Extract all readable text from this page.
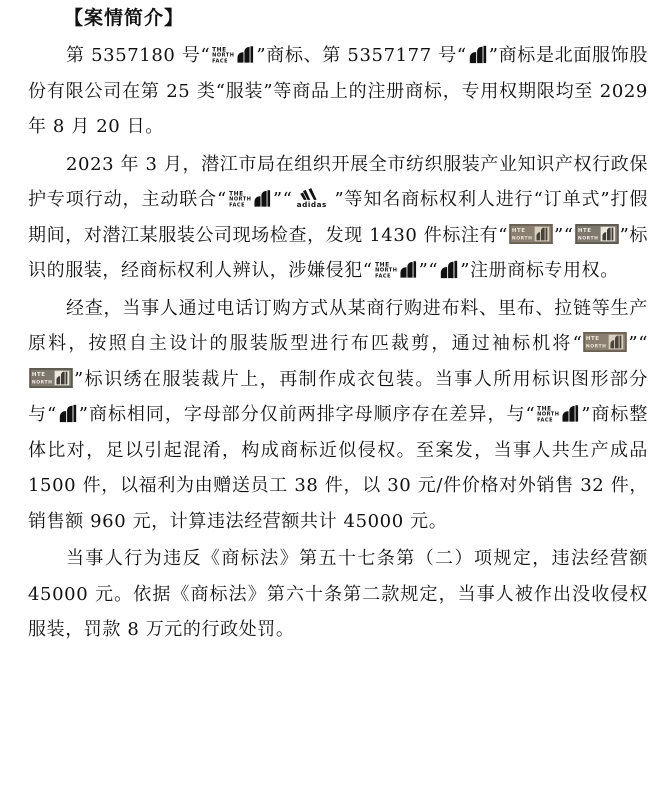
【案情简介】

第 5357180 号“ THE
NORTH
FACE ”商标、第 5357177 号“ ”商标是北面服饰股份有限公司在第 25 类“服装”等商品上的注册商标，专用权期限均至 2029 年 8 月 20 日。

2023 年 3 月，潜江市局在组织开展全市纺织服装产业知识产权行政保护专项行动，主动联合“ THE
NORTH
FACE ”“ adidas ”等知名商标权利人进行“订单式”打假期间，对潜江某服装公司现场检查，发现 1430 件标注有“ HTE
NORTH ”“ HTE
NORTH ”标识的服装，经商标权利人辨认，涉嫌侵犯“ THE
NORTH
FACE ”“ ”注册商标专用权。

经查，当事人通过电话订购方式从某商行购进布料、里布、拉链等生产原料，按照自主设计的服装版型进行布匹裁剪，通过袖标机将“ HTE
NORTH ”“
HTE
NORTH ”标识绣在服装裁片上，再制作成衣包装。当事人所用标识图形部分与“ ”商标相同，字母部分仅前两排字母顺序存在差异，与“ THE
NORTH
FACE ”商标整体比对，足以引起混淆，构成商标近似侵权。至案发，当事人共生产成品 1500 件，以福利为由赠送员工 38 件，以 30 元/件价格对外销售 32 件，销售额 960 元，计算违法经营额共计 45000 元。

当事人行为违反《商标法》第五十七条第（二）项规定，违法经营额 45000 元。依据《商标法》第六十条第二款规定，当事人被作出没收侵权服装，罚款 8 万元的行政处罚。
